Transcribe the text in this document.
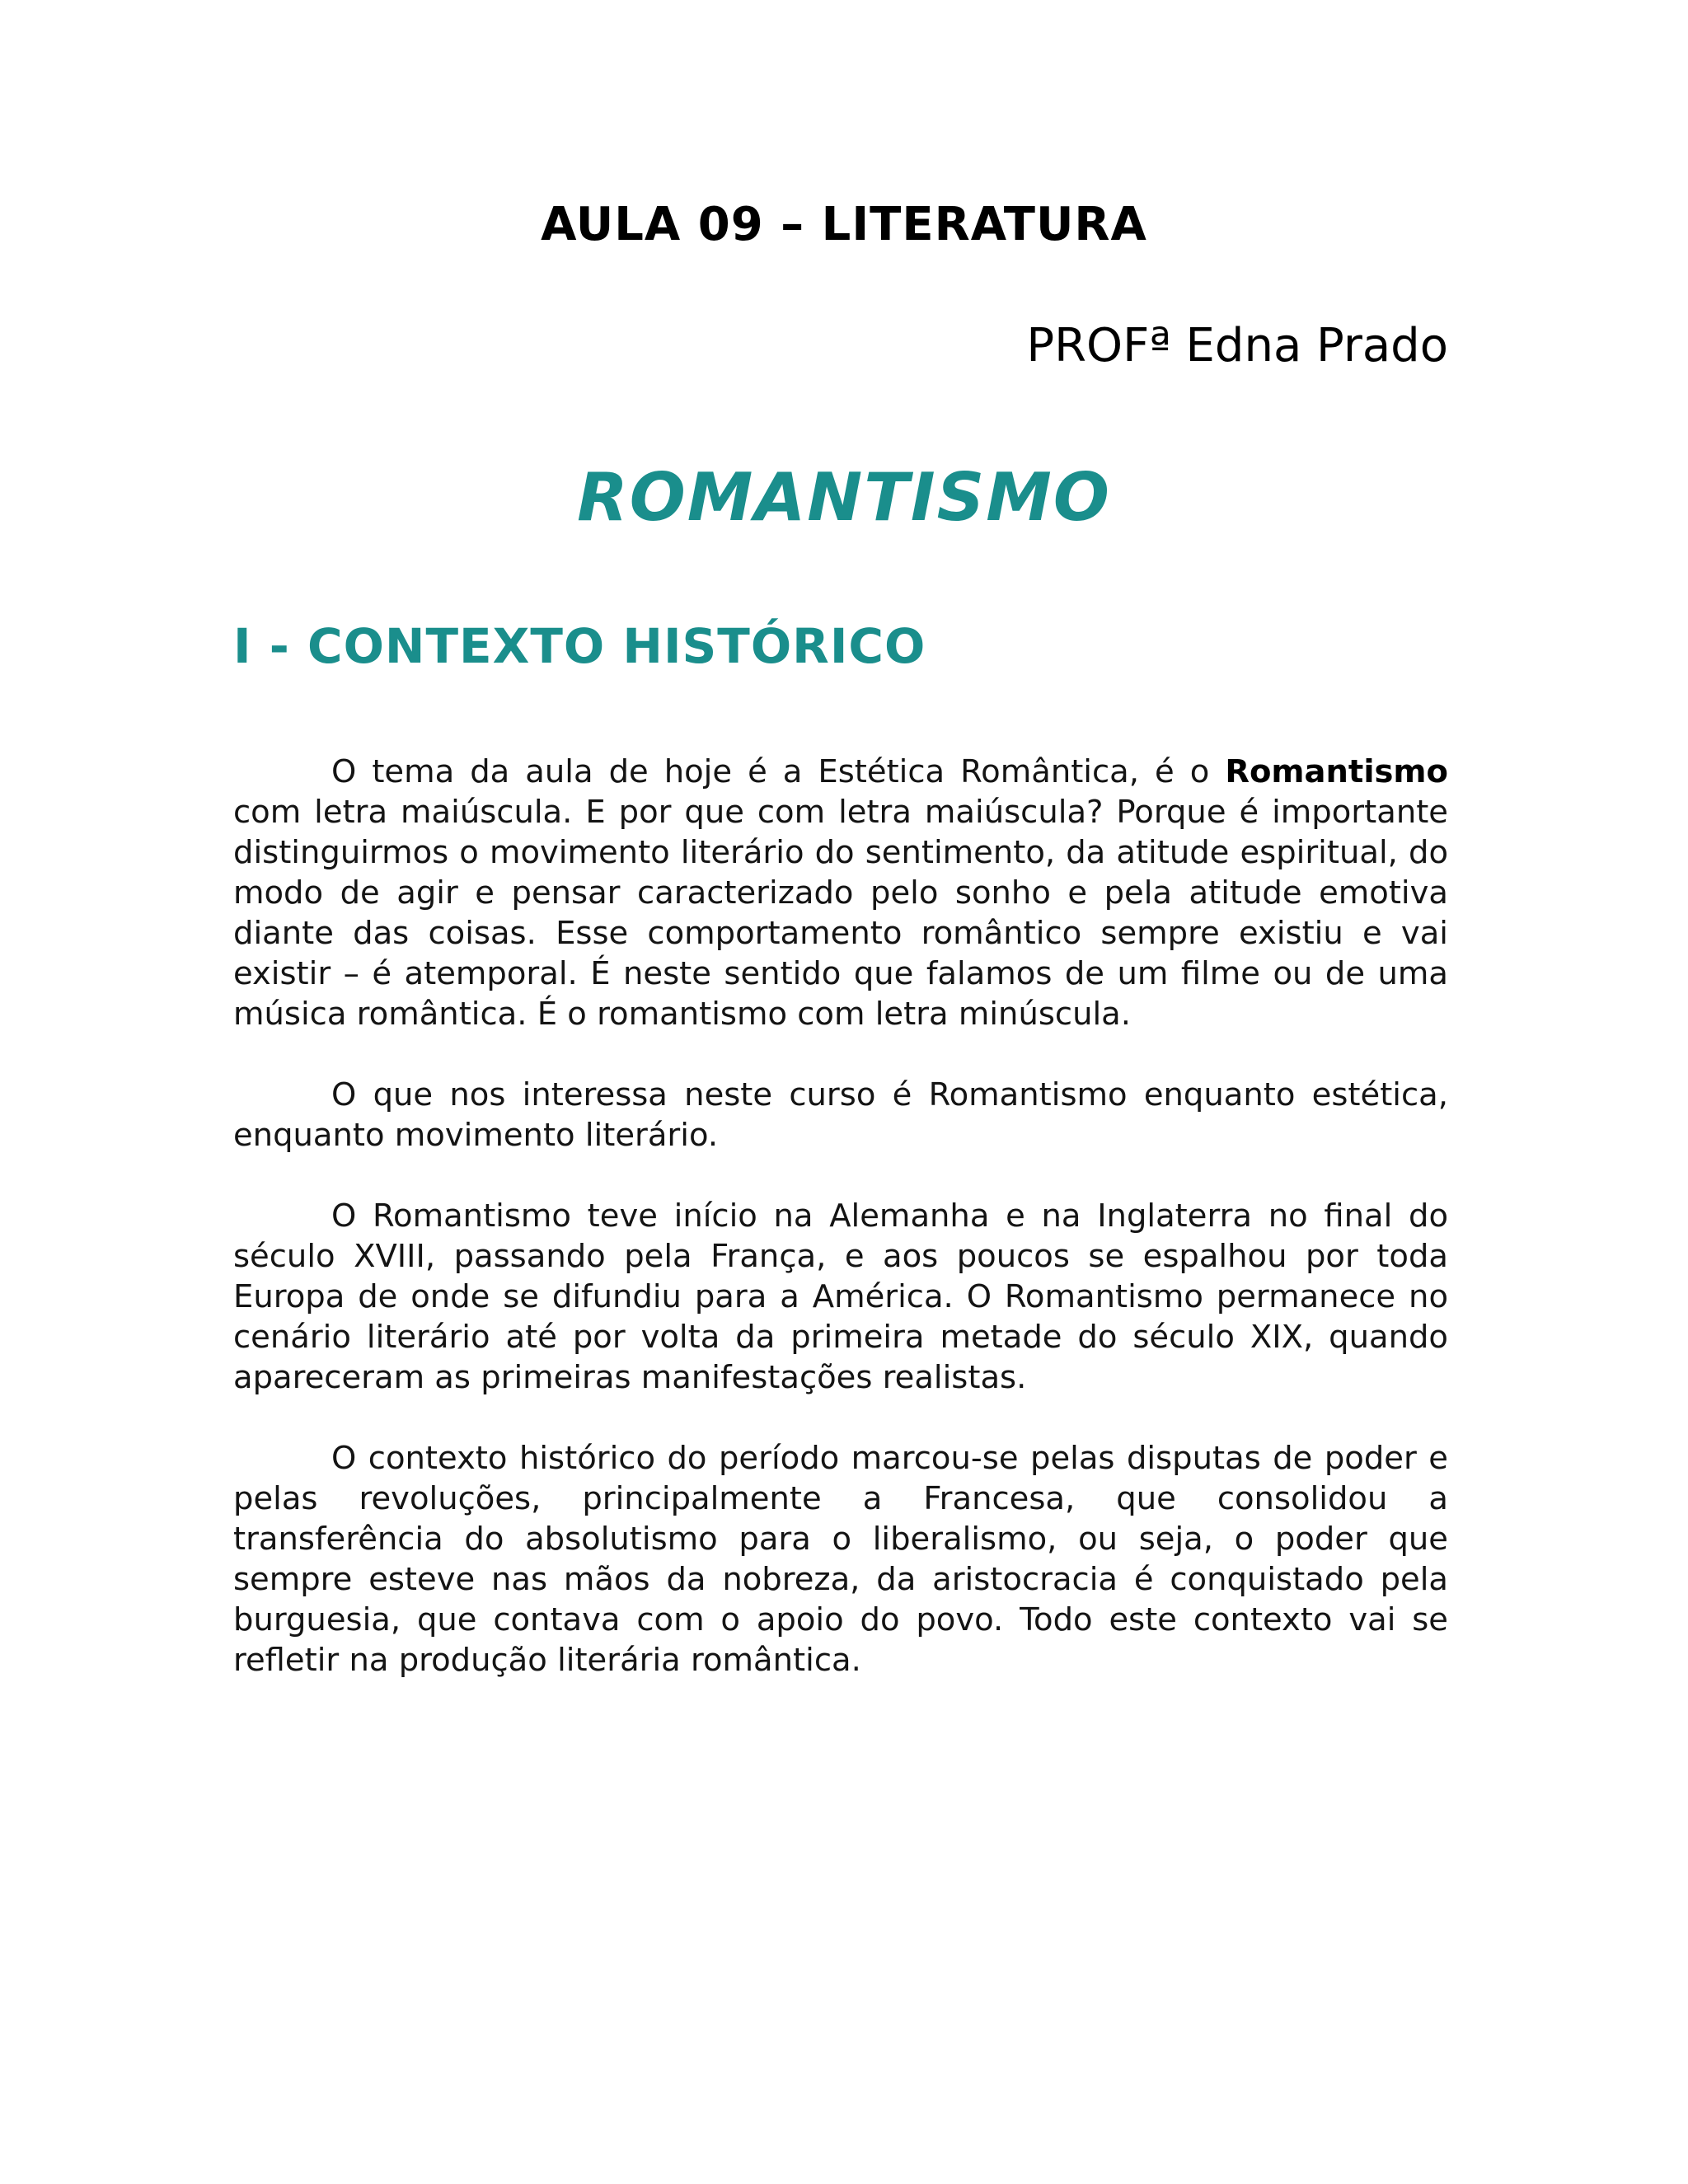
AULA 09 – LITERATURA

PROFª Edna Prado

ROMANTISMO
I - CONTEXTO HISTÓRICO

O tema da aula de hoje é a Estética Romântica, é o Romantismo com letra maiúscula. E por que com letra maiúscula? Porque é importante distinguirmos o movimento literário do sentimento, da atitude espiritual, do modo de agir e pensar caracterizado pelo sonho e pela atitude emotiva diante das coisas. Esse comportamento romântico sempre existiu e vai existir – é atemporal. É neste sentido que falamos de um filme ou de uma música romântica. É o romantismo com letra minúscula.

O que nos interessa neste curso é Romantismo enquanto estética, enquanto movimento literário.

O Romantismo teve início na Alemanha e na Inglaterra no final do século XVIII, passando pela França, e aos poucos se espalhou por toda Europa de onde se difundiu para a América. O Romantismo permanece no cenário literário até por volta da primeira metade do século XIX, quando apareceram as primeiras manifestações realistas.

O contexto histórico do período marcou-se pelas disputas de poder e pelas revoluções, principalmente a Francesa, que consolidou a transferência do absolutismo para o liberalismo, ou seja, o poder que sempre esteve nas mãos da nobreza, da aristocracia é conquistado pela burguesia, que contava com o apoio do povo. Todo este contexto vai se refletir na produção literária romântica.
